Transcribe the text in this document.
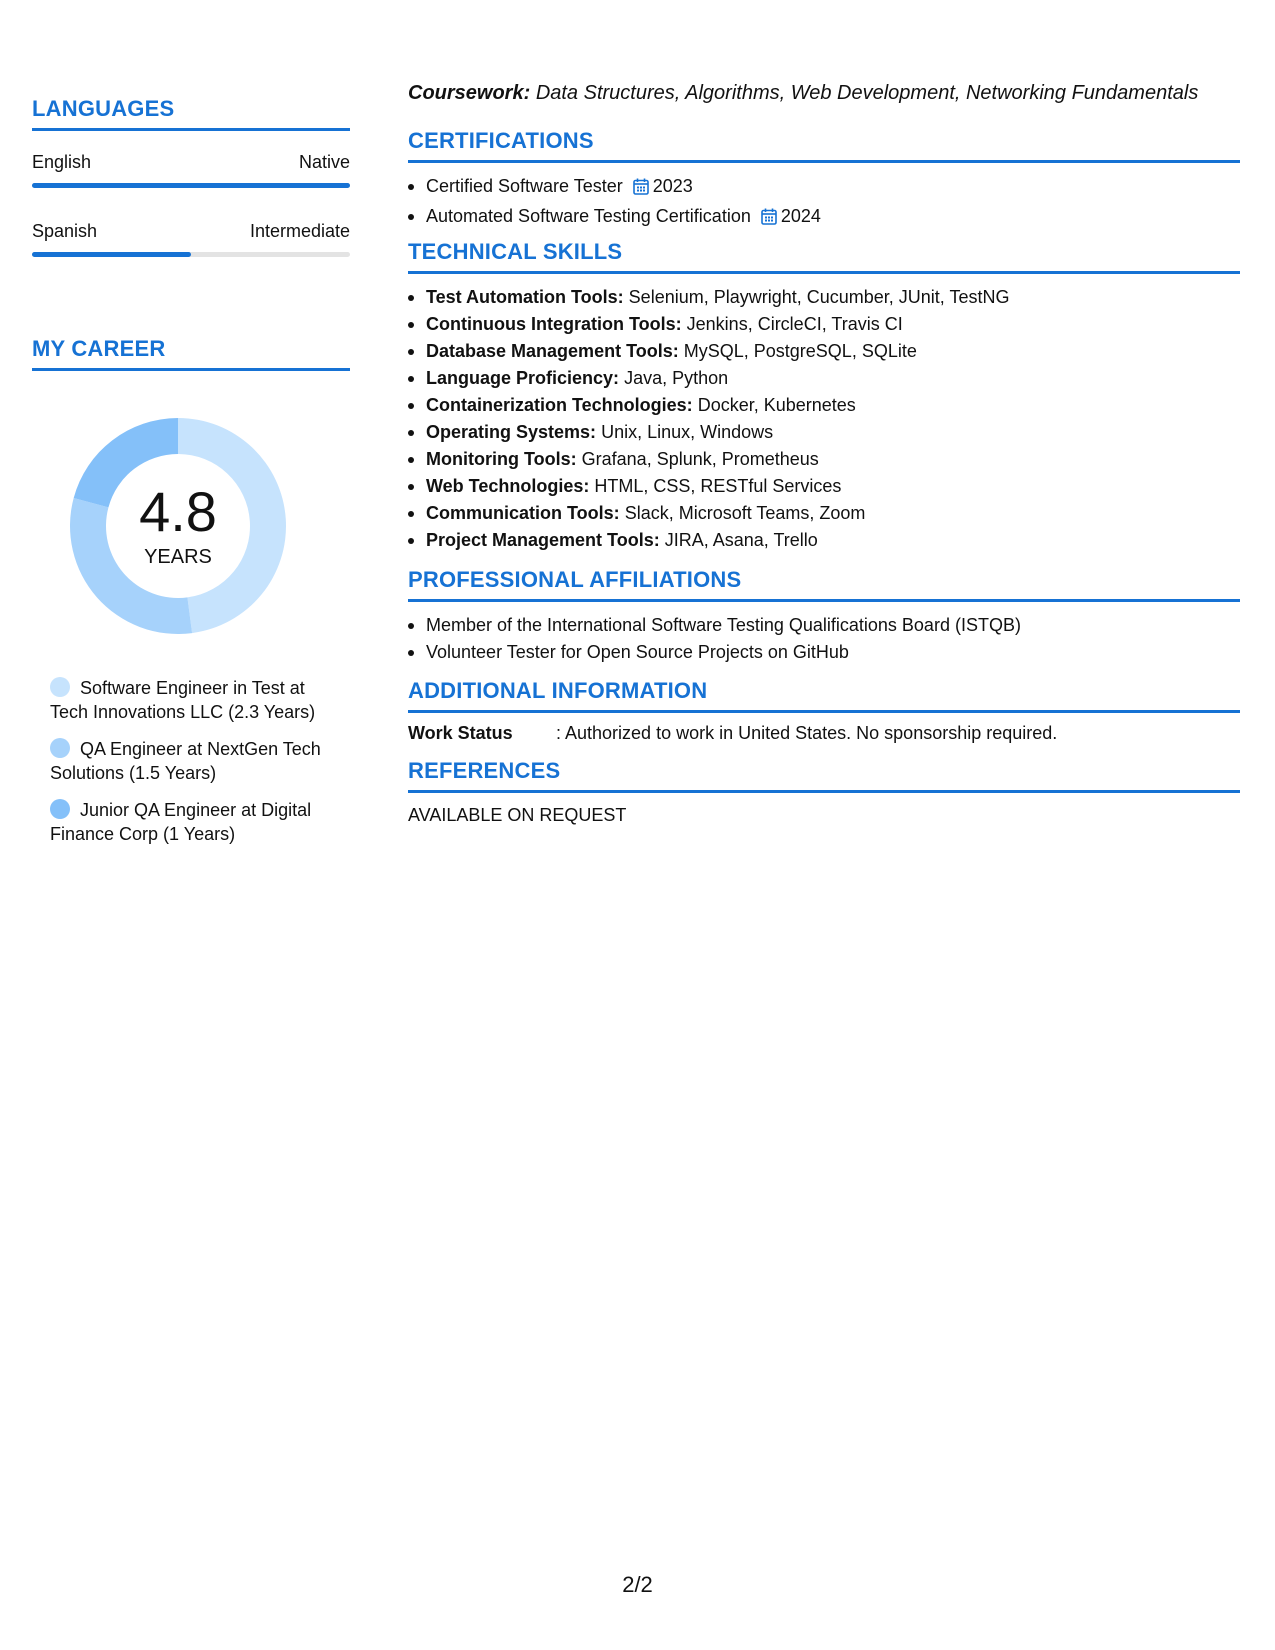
LANGUAGES
English	Native
Spanish	Intermediate
MY CAREER
4.8
YEARS
Software Engineer in Test at Tech Innovations LLC (2.3 Years)
QA Engineer at NextGen Tech Solutions (1.5 Years)
Junior QA Engineer at Digital Finance Corp (1 Years)
Coursework: Data Structures, Algorithms, Web Development, Networking Fundamentals
CERTIFICATIONS
Certified Software Tester 2023
Automated Software Testing Certification 2024
TECHNICAL SKILLS
Test Automation Tools: Selenium, Playwright, Cucumber, JUnit, TestNG
Continuous Integration Tools: Jenkins, CircleCI, Travis CI
Database Management Tools: MySQL, PostgreSQL, SQLite
Language Proficiency: Java, Python
Containerization Technologies: Docker, Kubernetes
Operating Systems: Unix, Linux, Windows
Monitoring Tools: Grafana, Splunk, Prometheus
Web Technologies: HTML, CSS, RESTful Services
Communication Tools: Slack, Microsoft Teams, Zoom
Project Management Tools: JIRA, Asana, Trello
PROFESSIONAL AFFILIATIONS
Member of the International Software Testing Qualifications Board (ISTQB)
Volunteer Tester for Open Source Projects on GitHub
ADDITIONAL INFORMATION
Work Status	: Authorized to work in United States. No sponsorship required.
REFERENCES
AVAILABLE ON REQUEST
2/2
